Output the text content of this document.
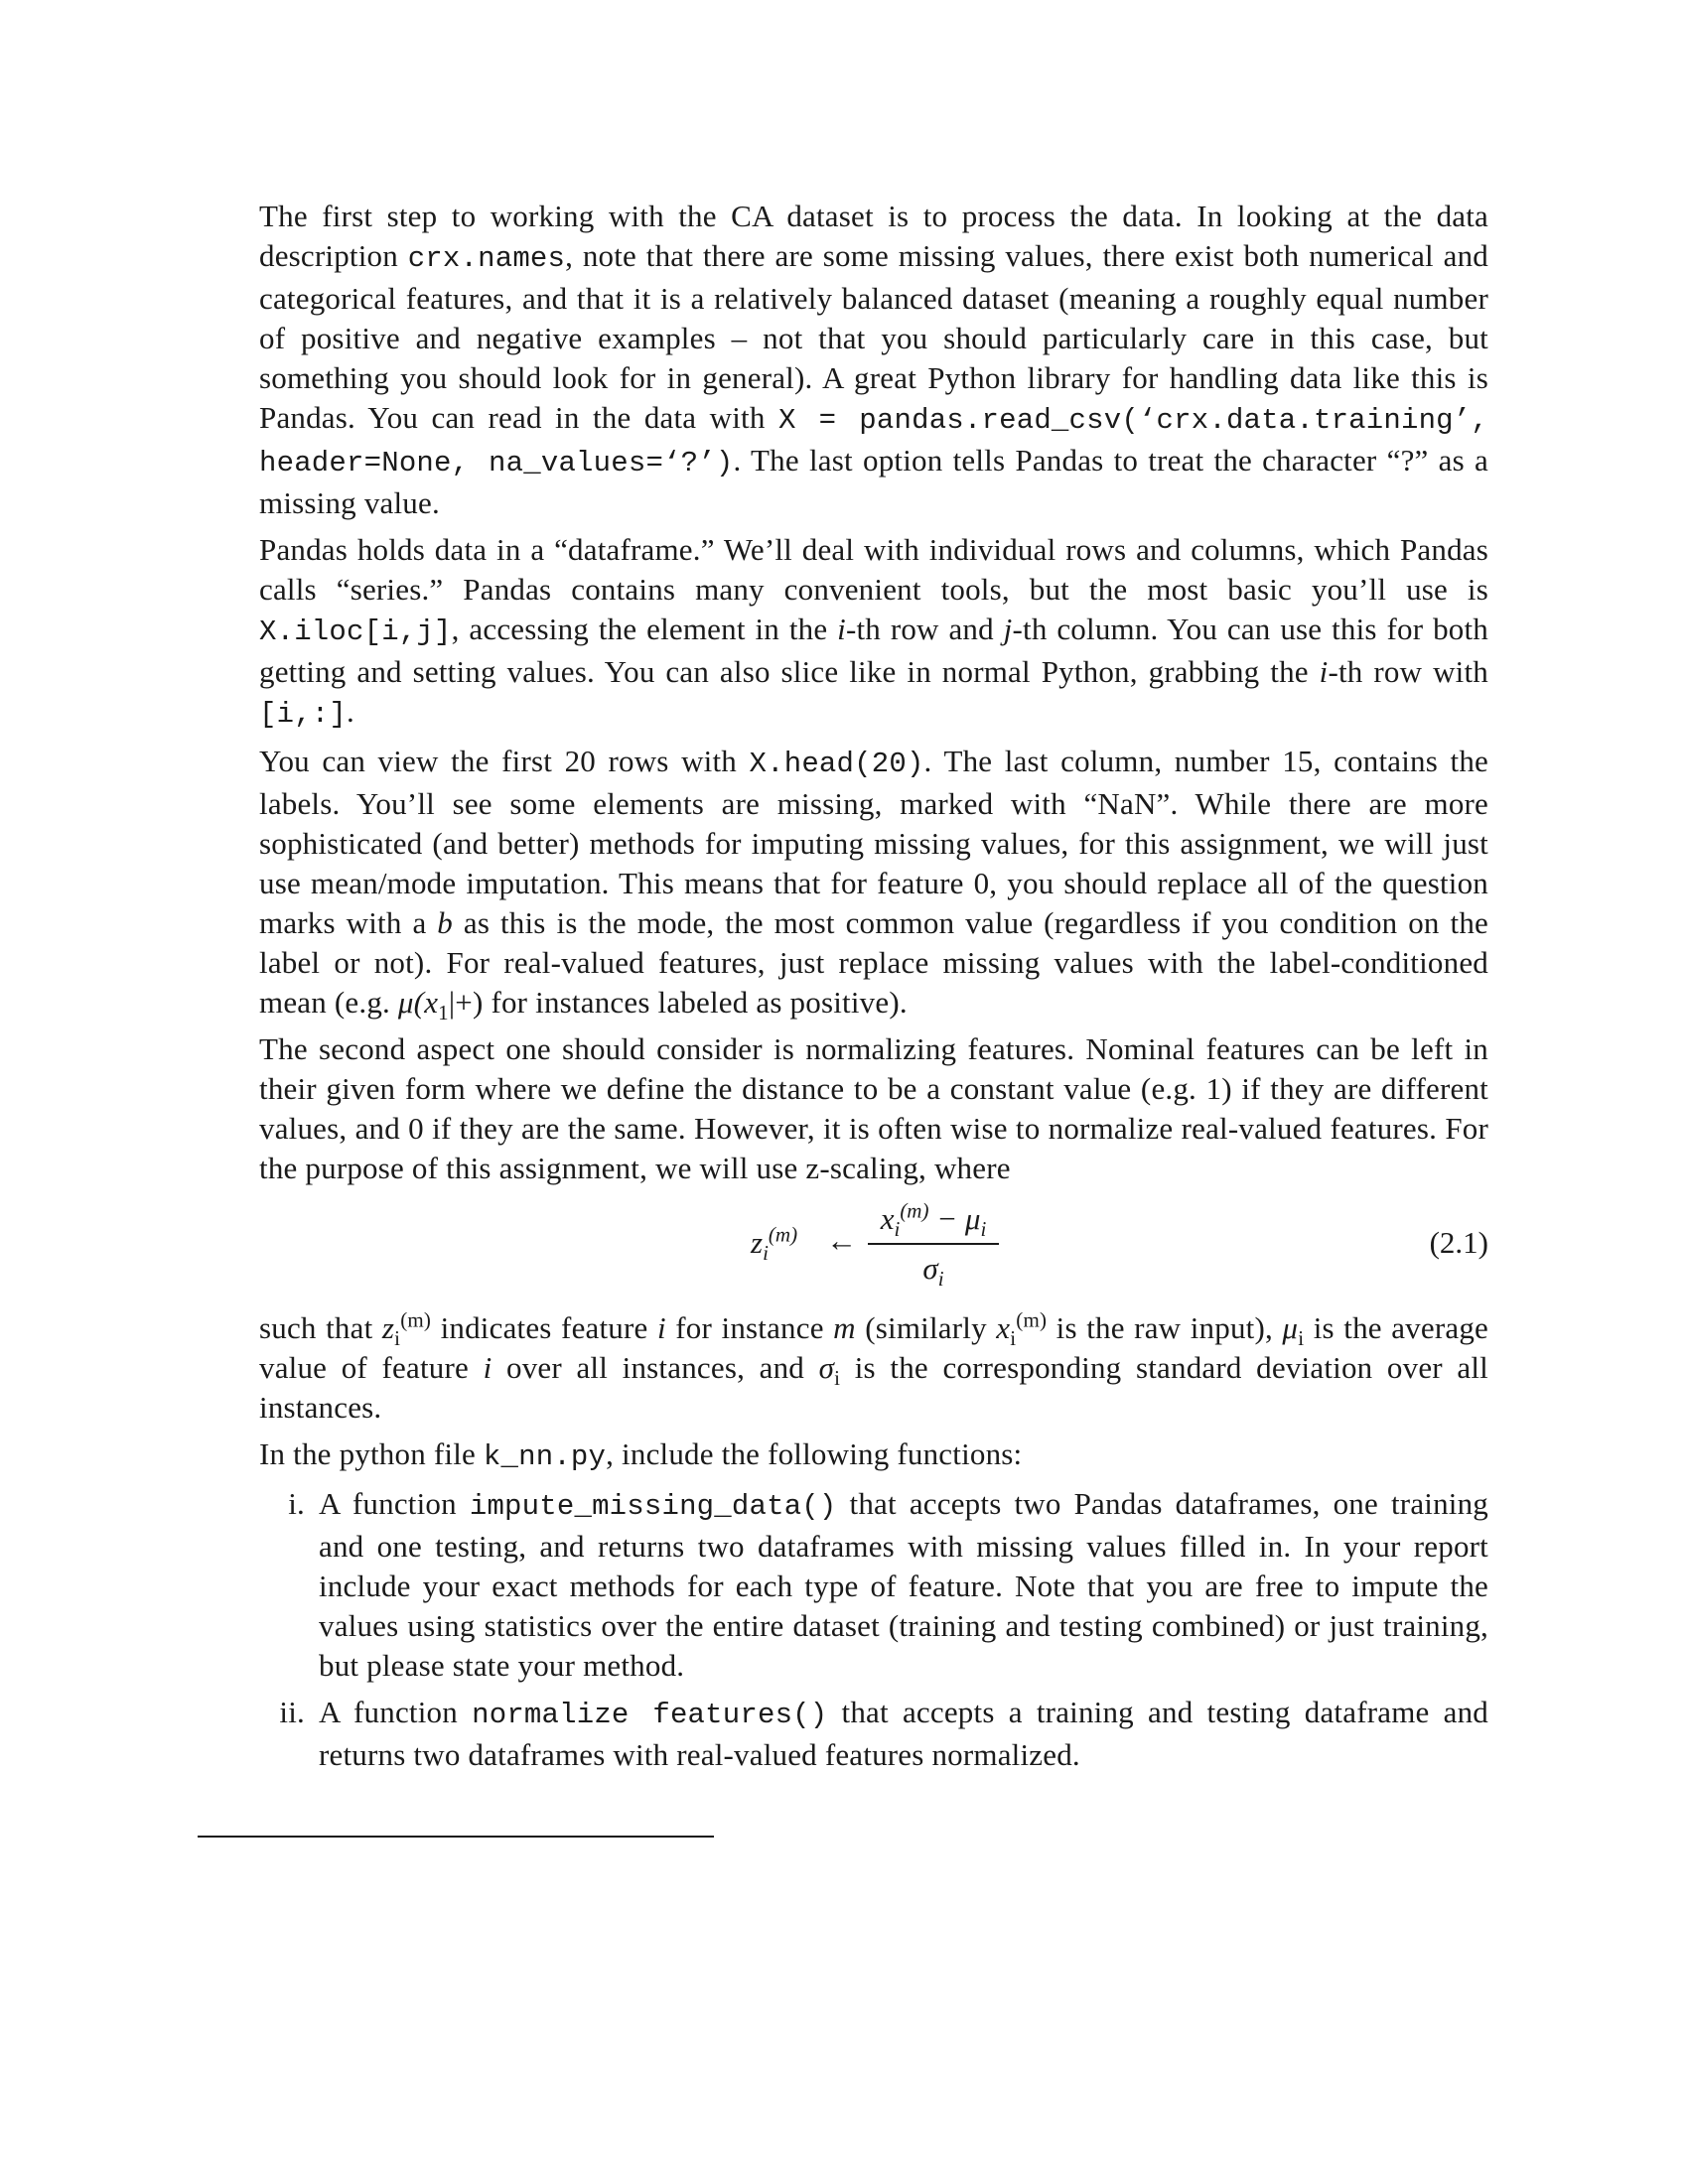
The first step to working with the CA dataset is to process the data. In looking at the data description crx.names, note that there are some missing values, there exist both numerical and categorical features, and that it is a relatively balanced dataset (meaning a roughly equal number of positive and negative examples – not that you should particularly care in this case, but something you should look for in general). A great Python library for handling data like this is Pandas. You can read in the data with X = pandas.read_csv(‘crx.data.training’, header=None, na_values=‘?’). The last option tells Pandas to treat the character “?” as a missing value.

Pandas holds data in a “dataframe.” We’ll deal with individual rows and columns, which Pandas calls “series.” Pandas contains many convenient tools, but the most basic you’ll use is X.iloc[i,j], accessing the element in the i-th row and j-th column. You can use this for both getting and setting values. You can also slice like in normal Python, grabbing the i-th row with [i,:].

You can view the first 20 rows with X.head(20). The last column, number 15, contains the labels. You’ll see some elements are missing, marked with “NaN”. While there are more sophisticated (and better) methods for imputing missing values, for this assignment, we will just use mean/mode imputation. This means that for feature 0, you should replace all of the question marks with a b as this is the mode, the most common value (regardless if you condition on the label or not). For real-valued features, just replace missing values with the label-conditioned mean (e.g. $\mu(x_1|+)$ for instances labeled as positive).

The second aspect one should consider is normalizing features. Nominal features can be left in their given form where we define the distance to be a constant value (e.g. 1) if they are different values, and 0 if they are the same. However, it is often wise to normalize real-valued features. For the purpose of this assignment, we will use z-scaling, where

$z_i^{(m)}$ ←
$x_i^{(m)} - \mu_i$
$\sigma_i$
(2.1)

such that $z_i^{(m)}$ indicates feature i for instance m (similarly $x_i^{(m)}$ is the raw input), $\mu_i$ is the average value of feature i over all instances, and $\sigma_i$ is the corresponding standard deviation over all instances.

In the python file k_nn.py, include the following functions:

i. A function impute_missing_data() that accepts two Pandas dataframes, one training and one testing, and returns two dataframes with missing values filled in. In your report include your exact methods for each type of feature. Note that you are free to impute the values using statistics over the entire dataset (training and testing combined) or just training, but please state your method.
ii. A function normalize features() that accepts a training and testing dataframe and returns two dataframes with real-valued features normalized.
